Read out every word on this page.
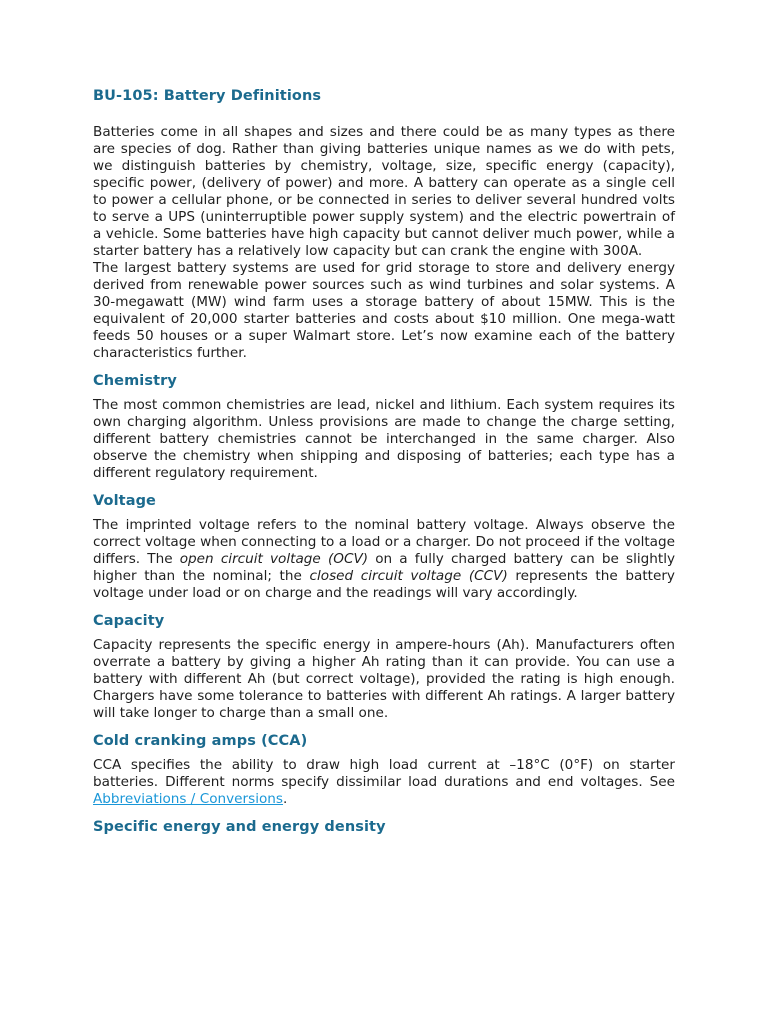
BU-105: Battery Definitions

Batteries come in all shapes and sizes and there could be as many types as there are species of dog. Rather than giving batteries unique names as we do with pets, we distinguish batteries by chemistry, voltage, size, specific energy (capacity), specific power, (delivery of power) and more. A battery can operate as a single cell to power a cellular phone, or be connected in series to deliver several hundred volts to serve a UPS (uninterruptible power supply system) and the electric powertrain of a vehicle. Some batteries have high capacity but cannot deliver much power, while a starter battery has a relatively low capacity but can crank the engine with 300A.

The largest battery systems are used for grid storage to store and delivery energy derived from renewable power sources such as wind turbines and solar systems. A 30-megawatt (MW) wind farm uses a storage battery of about 15MW. This is the equivalent of 20,000 starter batteries and costs about $10 million. One mega-watt feeds 50 houses or a super Walmart store. Let’s now examine each of the battery characteristics further.

Chemistry

The most common chemistries are lead, nickel and lithium. Each system requires its own charging algorithm. Unless provisions are made to change the charge setting, different battery chemistries cannot be interchanged in the same charger. Also observe the chemistry when shipping and disposing of batteries; each type has a different regulatory requirement.

Voltage

The imprinted voltage refers to the nominal battery voltage. Always observe the correct voltage when connecting to a load or a charger. Do not proceed if the voltage differs. The open circuit voltage (OCV) on a fully charged battery can be slightly higher than the nominal; the closed circuit voltage (CCV) represents the battery voltage under load or on charge and the readings will vary accordingly.

Capacity

Capacity represents the specific energy in ampere-hours (Ah). Manufacturers often overrate a battery by giving a higher Ah rating than it can provide. You can use a battery with different Ah (but correct voltage), provided the rating is high enough. Chargers have some tolerance to batteries with different Ah ratings. A larger battery will take longer to charge than a small one.

Cold cranking amps (CCA)

CCA specifies the ability to draw high load current at –18°C (0°F) on starter batteries. Different norms specify dissimilar load durations and end voltages. See Abbreviations / Conversions.

Specific energy and energy density
